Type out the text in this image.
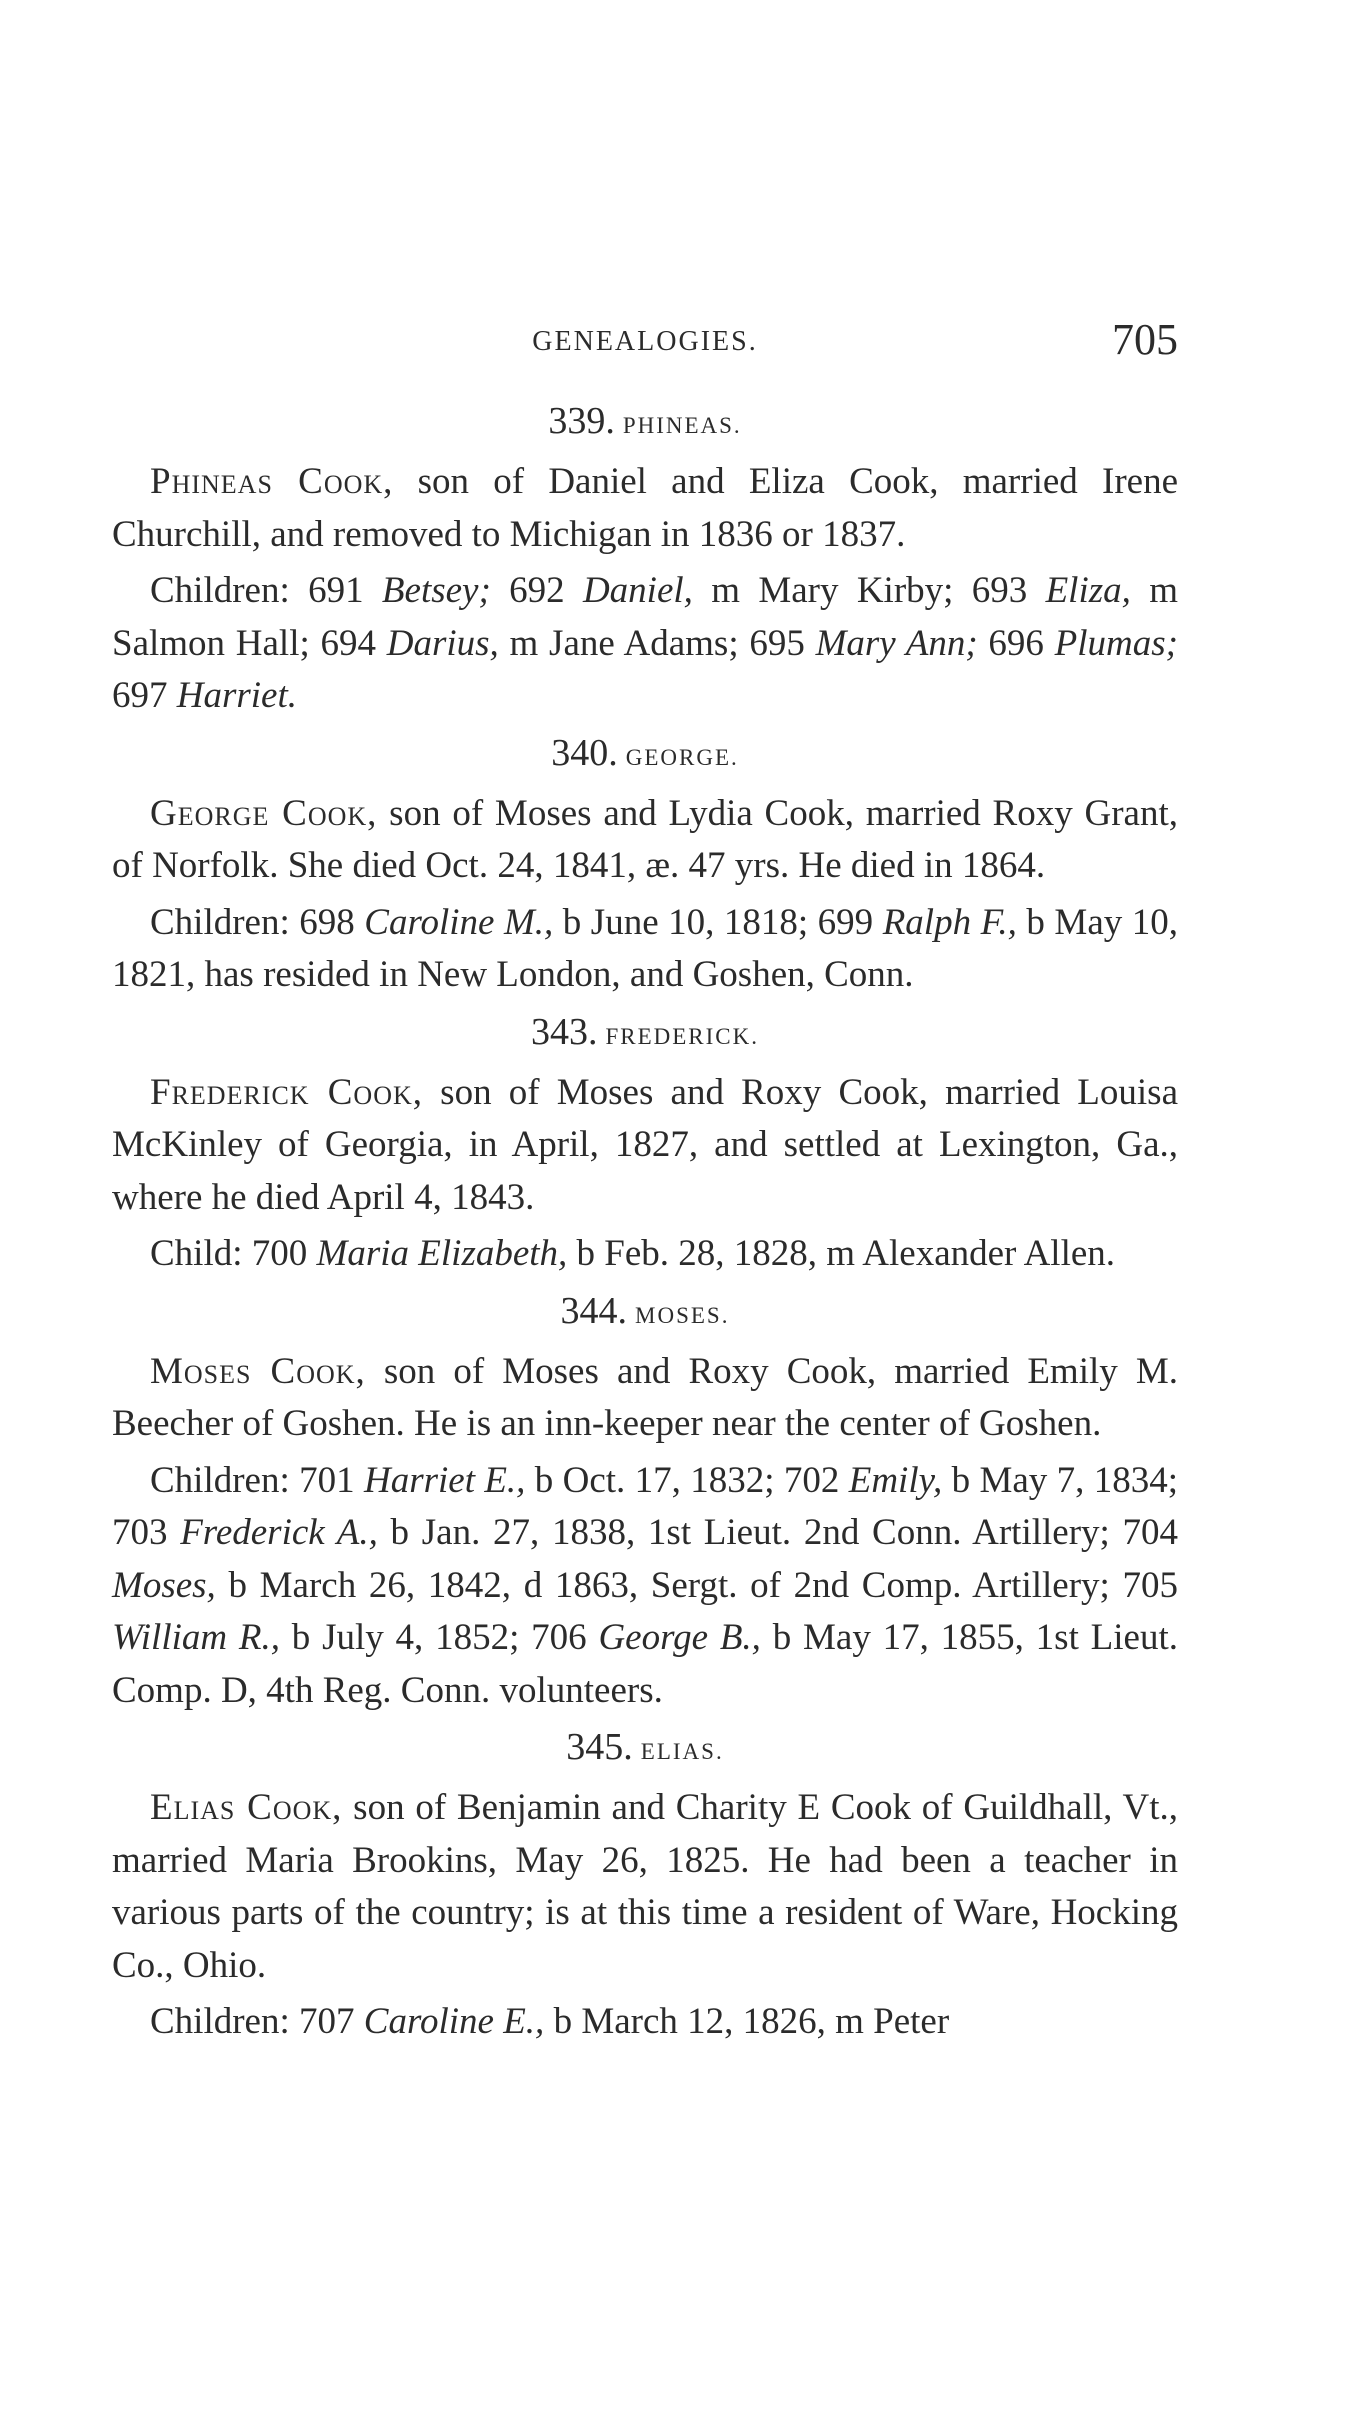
GENEALOGIES.	705
339. PHINEAS.

Phineas Cook, son of Daniel and Eliza Cook, married Irene Churchill, and removed to Michigan in 1836 or 1837.

Children: 691 Betsey; 692 Daniel, m Mary Kirby; 693 Eliza, m Salmon Hall; 694 Darius, m Jane Adams; 695 Mary Ann; 696 Plumas; 697 Harriet.

340. GEORGE.

George Cook, son of Moses and Lydia Cook, married Roxy Grant, of Norfolk. She died Oct. 24, 1841, æ. 47 yrs. He died in 1864.

Children: 698 Caroline M., b June 10, 1818; 699 Ralph F., b May 10, 1821, has resided in New London, and Goshen, Conn.

343. FREDERICK.

Frederick Cook, son of Moses and Roxy Cook, married Louisa McKinley of Georgia, in April, 1827, and settled at Lexington, Ga., where he died April 4, 1843.

Child: 700 Maria Elizabeth, b Feb. 28, 1828, m Alexander Allen.

344. MOSES.

Moses Cook, son of Moses and Roxy Cook, married Emily M. Beecher of Goshen. He is an inn-keeper near the center of Goshen.

Children: 701 Harriet E., b Oct. 17, 1832; 702 Emily, b May 7, 1834; 703 Frederick A., b Jan. 27, 1838, 1st Lieut. 2nd Conn. Artillery; 704 Moses, b March 26, 1842, d 1863, Sergt. of 2nd Comp. Artillery; 705 William R., b July 4, 1852; 706 George B., b May 17, 1855, 1st Lieut. Comp. D, 4th Reg. Conn. volunteers.

345. ELIAS.

Elias Cook, son of Benjamin and Charity E Cook of Guildhall, Vt., married Maria Brookins, May 26, 1825. He had been a teacher in various parts of the country; is at this time a resident of Ware, Hocking Co., Ohio.

Children: 707 Caroline E., b March 12, 1826, m Peter
